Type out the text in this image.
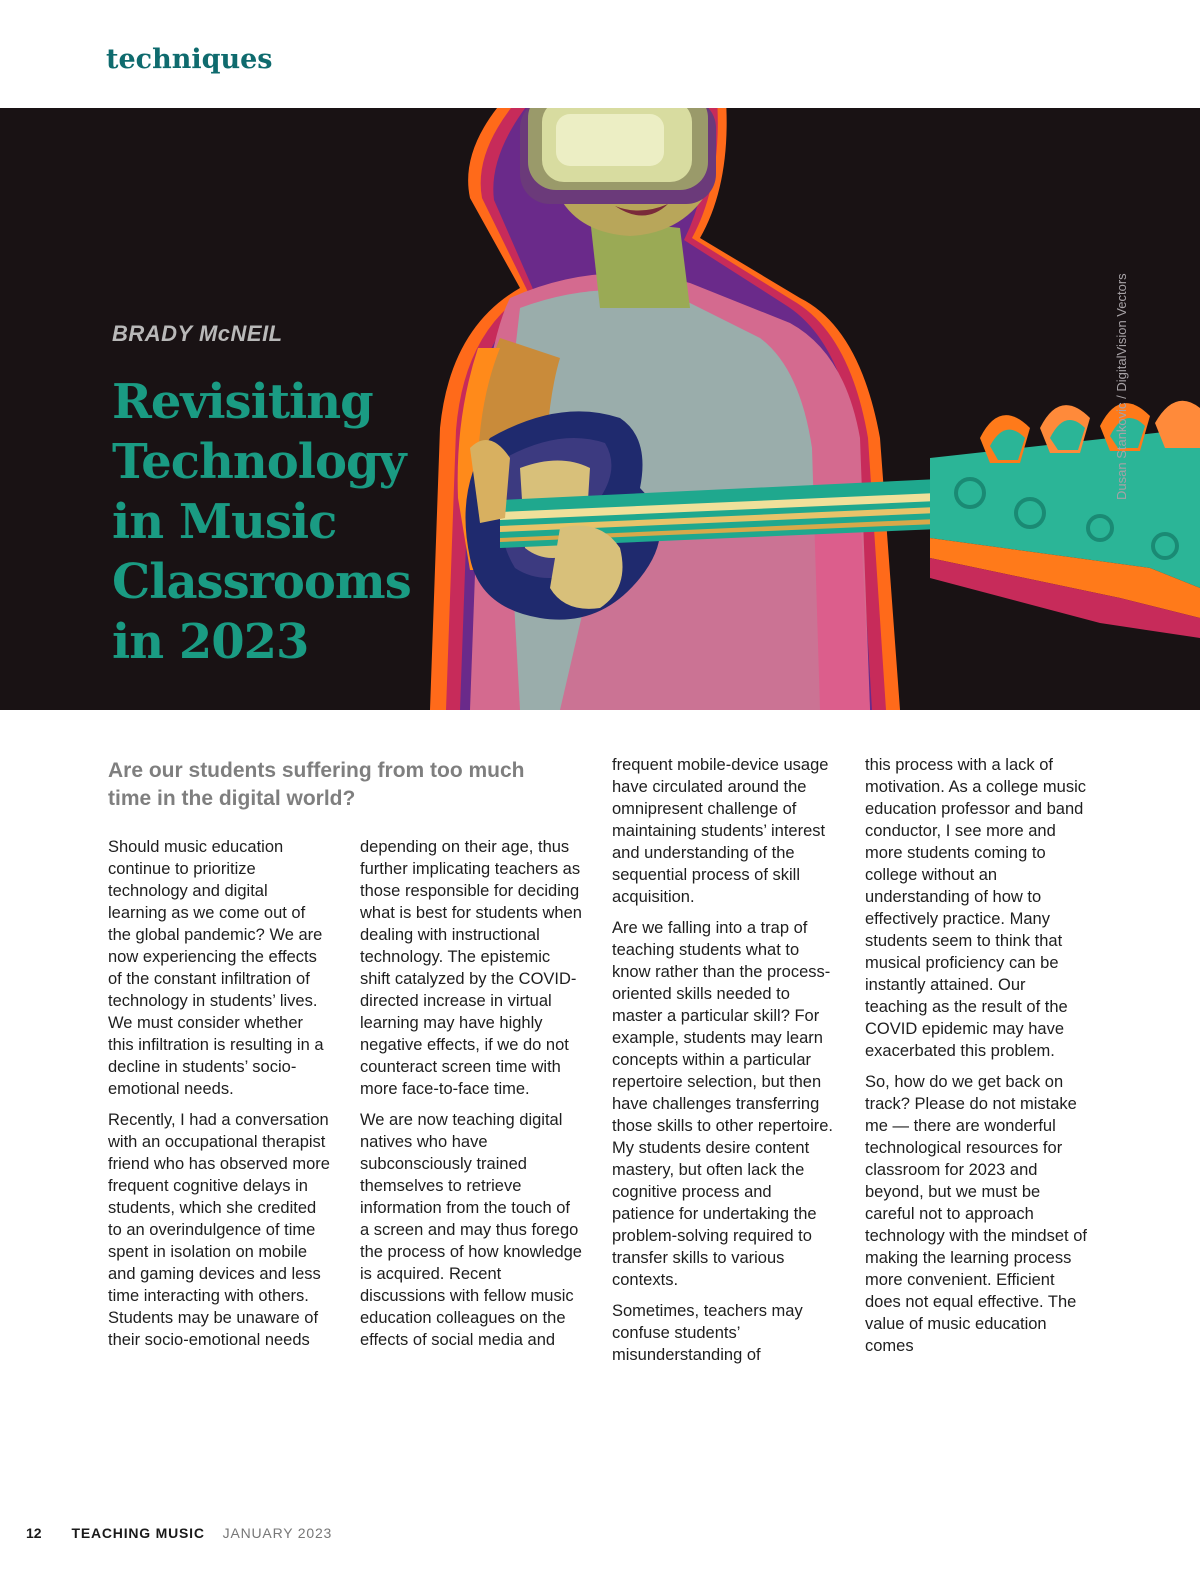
techniques
Dusan Stankovic / DigitalVision Vectors

BRADY McNEIL

Revisiting
Technology
in Music
Classrooms
in 2023

Are our students suffering from too much time in the digital world?

Should music education continue to prioritize technology and digital learning as we come out of the global pandemic? We are now experiencing the effects of the constant infiltration of technology in students’ lives. We must consider whether this infiltration is resulting in a decline in students’ socio-emotional needs.

Recently, I had a conversation with an occupational therapist friend who has observed more frequent cognitive delays in students, which she credited to an overindulgence of time spent in isolation on mobile and gaming devices and less time interacting with others. Students may be unaware of their socio-emotional needs

depending on their age, thus further implicating teachers as those responsible for deciding what is best for students when dealing with instructional technology. The epistemic shift catalyzed by the COVID-directed increase in virtual learning may have highly negative effects, if we do not counteract screen time with more face-to-face time.

We are now teaching digital natives who have subconsciously trained themselves to retrieve information from the touch of a screen and may thus forego the process of how knowledge is acquired. Recent discussions with fellow music education colleagues on the effects of social media and

frequent mobile-device usage have circulated around the omnipresent challenge of maintaining students’ interest and understanding of the sequential process of skill acquisition.

Are we falling into a trap of teaching students what to know rather than the process-oriented skills needed to master a particular skill? For example, students may learn concepts within a particular repertoire selection, but then have challenges transferring those skills to other repertoire. My students desire content mastery, but often lack the cognitive process and patience for undertaking the problem-solving required to transfer skills to various contexts.

Sometimes, teachers may confuse students’ misunderstanding of

this process with a lack of motivation. As a college music education professor and band conductor, I see more and more students coming to college without an understanding of how to effectively practice. Many students seem to think that musical proficiency can be instantly attained. Our teaching as the result of the COVID epidemic may have exacerbated this problem.

So, how do we get back on track? Please do not mistake me — there are wonderful technological resources for classroom for 2023 and beyond, but we must be careful not to approach technology with the mindset of making the learning process more convenient. Efficient does not equal effective. The value of music education comes

12 TEACHING MUSIC JANUARY 2023
